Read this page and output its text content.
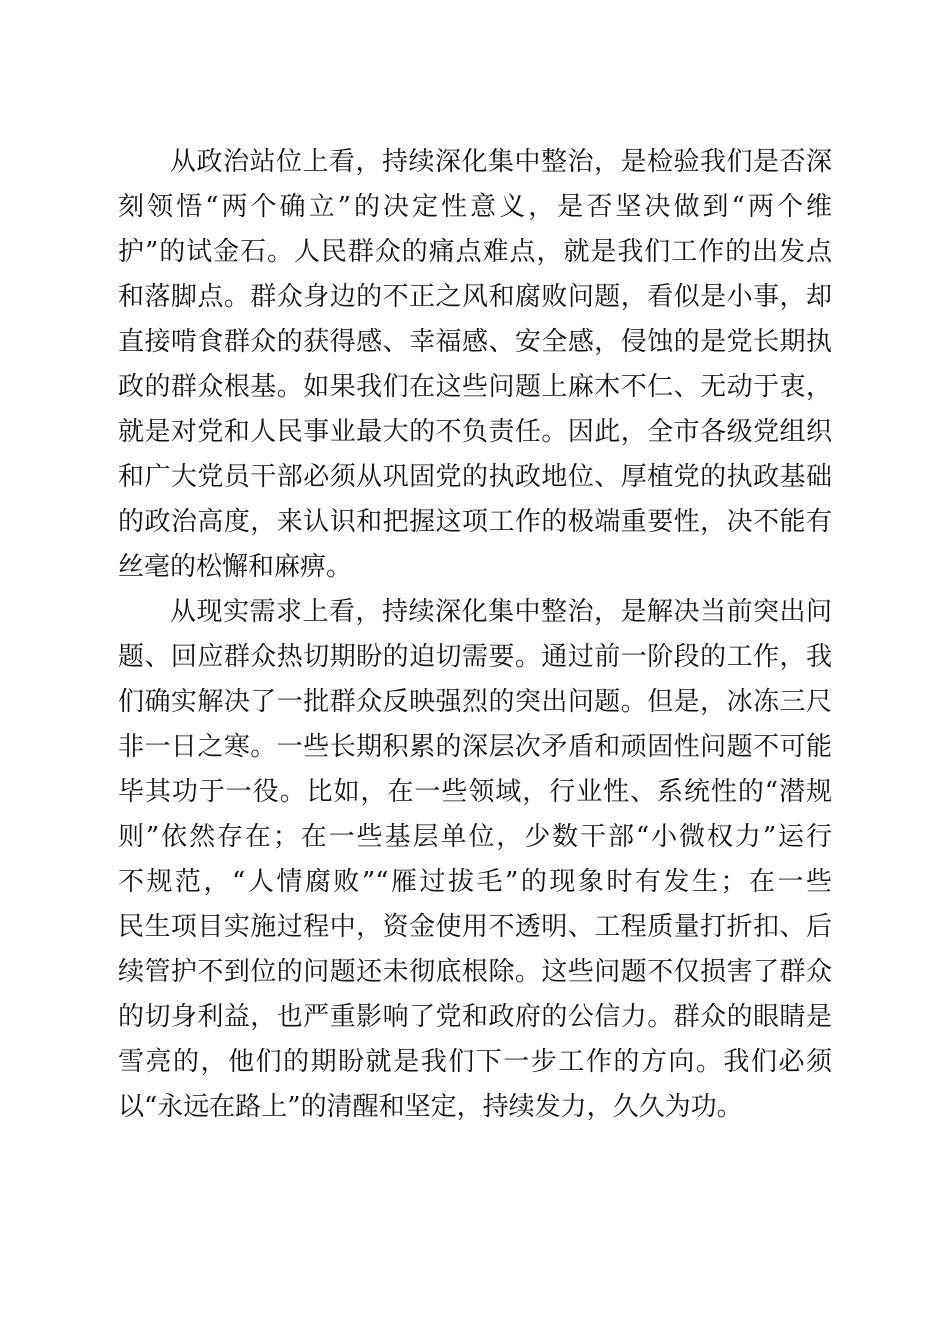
从政治站位上看，持续深化集中整治，是检验我们是否深
刻领悟“两个确立”的决定性意义，是否坚决做到“两个维
护”的试金石。人民群众的痛点难点，就是我们工作的出发点
和落脚点。群众身边的不正之风和腐败问题，看似是小事，却
直接啃食群众的获得感、幸福感、安全感，侵蚀的是党长期执
政的群众根基。如果我们在这些问题上麻木不仁、无动于衷，
就是对党和人民事业最大的不负责任。因此，全市各级党组织
和广大党员干部必须从巩固党的执政地位、厚植党的执政基础
的政治高度，来认识和把握这项工作的极端重要性，决不能有
丝毫的松懈和麻痹。
从现实需求上看，持续深化集中整治，是解决当前突出问
题、回应群众热切期盼的迫切需要。通过前一阶段的工作，我
们确实解决了一批群众反映强烈的突出问题。但是，冰冻三尺
非一日之寒。一些长期积累的深层次矛盾和顽固性问题不可能
毕其功于一役。比如，在一些领域，行业性、系统性的“潜规
则”依然存在；在一些基层单位，少数干部“小微权力”运行
不规范，“人情腐败”“雁过拔毛”的现象时有发生；在一些
民生项目实施过程中，资金使用不透明、工程质量打折扣、后
续管护不到位的问题还未彻底根除。这些问题不仅损害了群众
的切身利益，也严重影响了党和政府的公信力。群众的眼睛是
雪亮的，他们的期盼就是我们下一步工作的方向。我们必须
以“永远在路上”的清醒和坚定，持续发力，久久为功。
